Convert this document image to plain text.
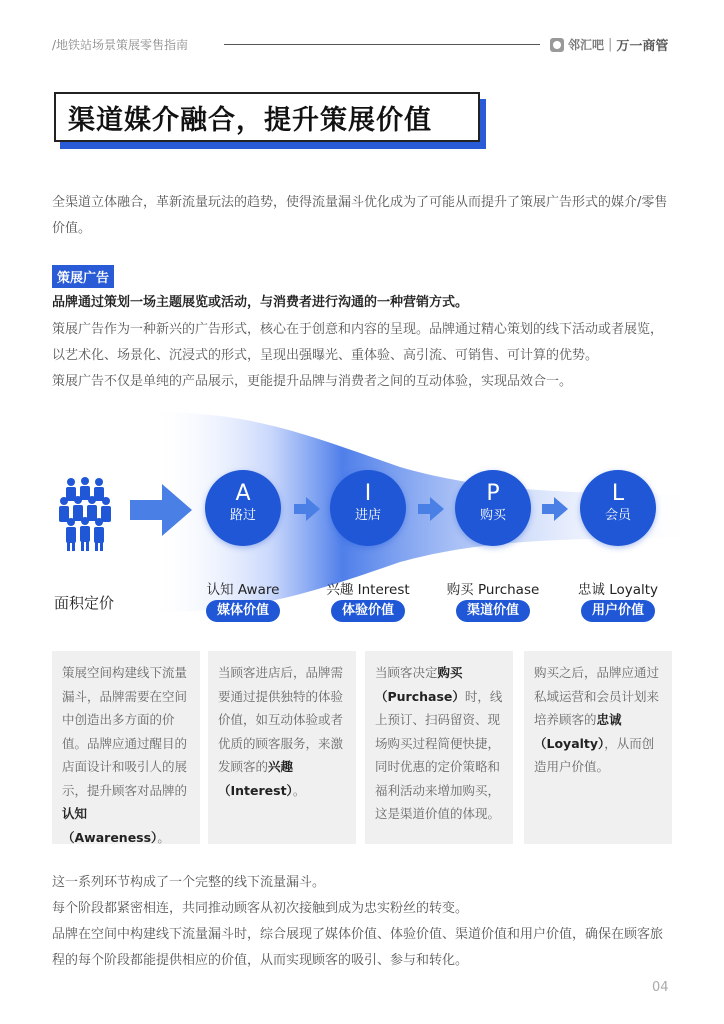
/地铁站场景策展零售指南	邻汇吧 | 万一商管
渠道媒介融合，提升策展价值
全渠道立体融合，革新流量玩法的趋势，使得流量漏斗优化成为了可能从而提升了策展广告形式的媒介/零售价值。
策展广告
品牌通过策划一场主题展览或活动，与消费者进行沟通的一种营销方式。
策展广告作为一种新兴的广告形式，核心在于创意和内容的呈现。品牌通过精心策划的线下活动或者展览，以艺术化、场景化、沉浸式的形式，呈现出强曝光、重体验、高引流、可销售、可计算的优势。
策展广告不仅是单纯的产品展示，更能提升品牌与消费者之间的互动体验，实现品效合一。
A
路过
I
进店
P
购买
L
会员
面积定价
认知 Aware	兴趣 Interest	购买 Purchase	忠诚 Loyalty
媒体价值	体验价值	渠道价值	用户价值
策展空间构建线下流量漏斗，品牌需要在空间中创造出多方面的价值。品牌应通过醒目的店面设计和吸引人的展示，提升顾客对品牌的认知（Awareness）。
当顾客进店后，品牌需要通过提供独特的体验价值，如互动体验或者优质的顾客服务，来激发顾客的兴趣（Interest）。
当顾客决定购买（Purchase）时，线上预订、扫码留资、现场购买过程简便快捷，同时优惠的定价策略和福利活动来增加购买，这是渠道价值的体现。
购买之后，品牌应通过私域运营和会员计划来培养顾客的忠诚（Loyalty），从而创造用户价值。
这一系列环节构成了一个完整的线下流量漏斗。
每个阶段都紧密相连，共同推动顾客从初次接触到成为忠实粉丝的转变。
品牌在空间中构建线下流量漏斗时，综合展现了媒体价值、体验价值、渠道价值和用户价值，确保在顾客旅程的每个阶段都能提供相应的价值，从而实现顾客的吸引、参与和转化。
04
